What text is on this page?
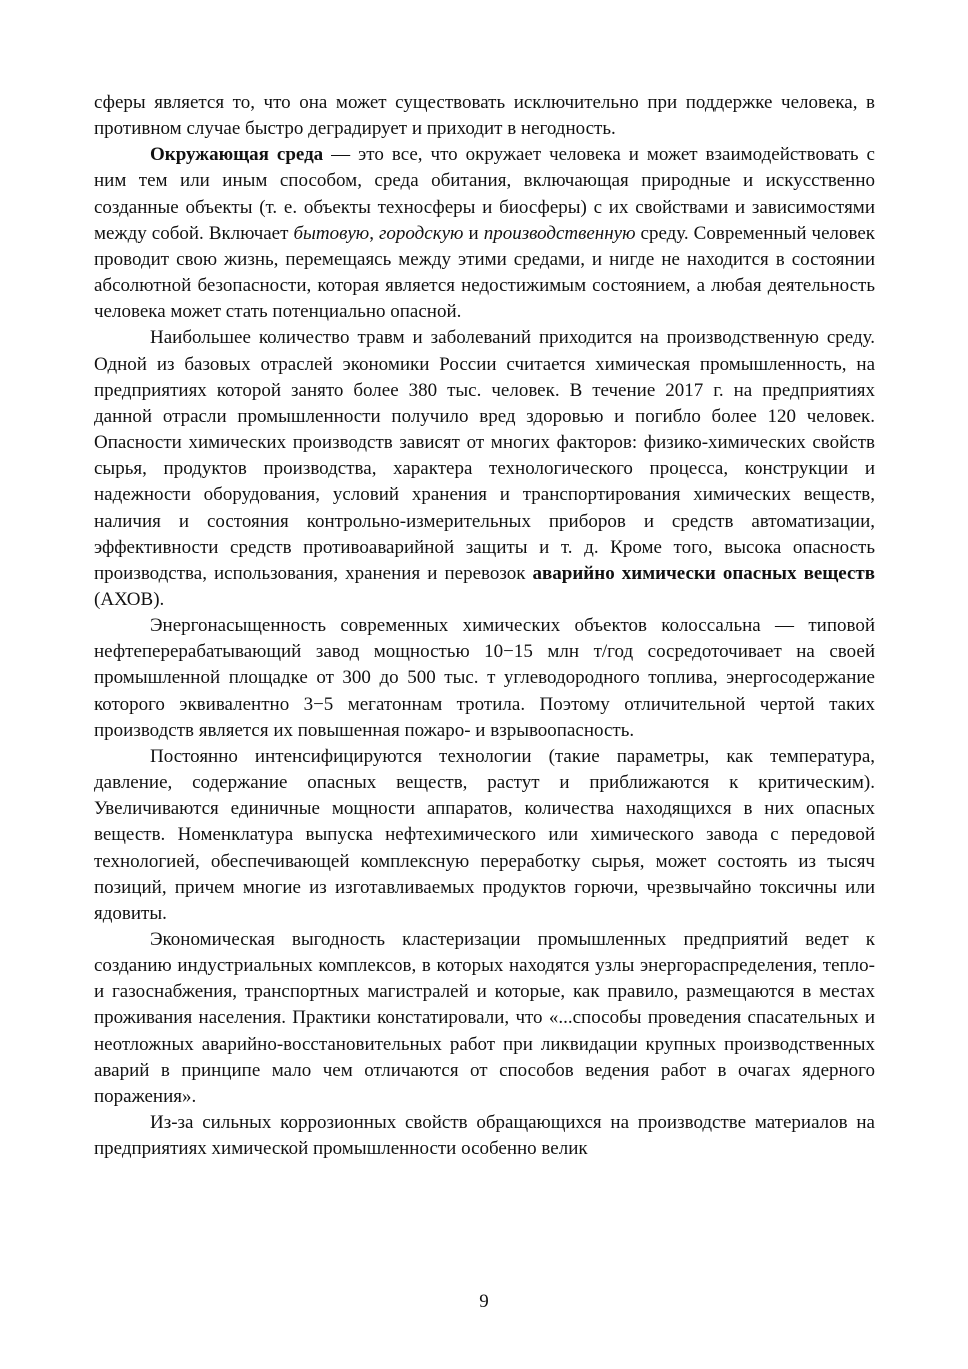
сферы является то, что она может существовать исключительно при поддержке человека, в противном случае быстро деградирует и приходит в негодность.

Окружающая среда — это все, что окружает человека и может взаимодействовать с ним тем или иным способом, среда обитания, включающая природные и искусственно созданные объекты (т. е. объекты техносферы и биосферы) с их свойствами и зависимостями между собой. Включает бытовую, городскую и производственную среду. Современный человек проводит свою жизнь, перемещаясь между этими средами, и нигде не находится в состоянии абсолютной безопасности, которая является недостижимым состоянием, а любая деятельность человека может стать потенциально опасной.

Наибольшее количество травм и заболеваний приходится на производственную среду. Одной из базовых отраслей экономики России считается химическая промышленность, на предприятиях которой занято более 380 тыс. человек. В течение 2017 г. на предприятиях данной отрасли промышленности получило вред здоровью и погибло более 120 человек. Опасности химических производств зависят от многих факторов: физико-химических свойств сырья, продуктов производства, характера технологического процесса, конструкции и надежности оборудования, условий хранения и транспортирования химических веществ, наличия и состояния контрольно-измерительных приборов и средств автоматизации, эффективности средств противоаварийной защиты и т. д. Кроме того, высока опасность производства, использования, хранения и перевозок аварийно химически опасных веществ (АХОВ).

Энергонасыщенность современных химических объектов колоссальна — типовой нефтеперерабатывающий завод мощностью 10−15 млн т/год сосредоточивает на своей промышленной площадке от 300 до 500 тыс. т углеводородного топлива, энергосодержание которого эквивалентно 3−5 мегатоннам тротила. Поэтому отличительной чертой таких производств является их повышенная пожаро- и взрывоопасность.

Постоянно интенсифицируются технологии (такие параметры, как температура, давление, содержание опасных веществ, растут и приближаются к критическим). Увеличиваются единичные мощности аппаратов, количества находящихся в них опасных веществ. Номенклатура выпуска нефтехимического или химического завода с передовой технологией, обеспечивающей комплексную переработку сырья, может состоять из тысяч позиций, причем многие из изготавливаемых продуктов горючи, чрезвычайно токсичны или ядовиты.

Экономическая выгодность кластеризации промышленных предприятий ведет к созданию индустриальных комплексов, в которых находятся узлы энергораспределения, тепло- и газоснабжения, транспортных магистралей и которые, как правило, размещаются в местах проживания населения. Практики констатировали, что «...способы проведения спасательных и неотложных аварийно-восстановительных работ при ликвидации крупных производственных аварий в принципе мало чем отличаются от способов ведения работ в очагах ядерного поражения».

Из-за сильных коррозионных свойств обращающихся на производстве материалов на предприятиях химической промышленности особенно велик

9
